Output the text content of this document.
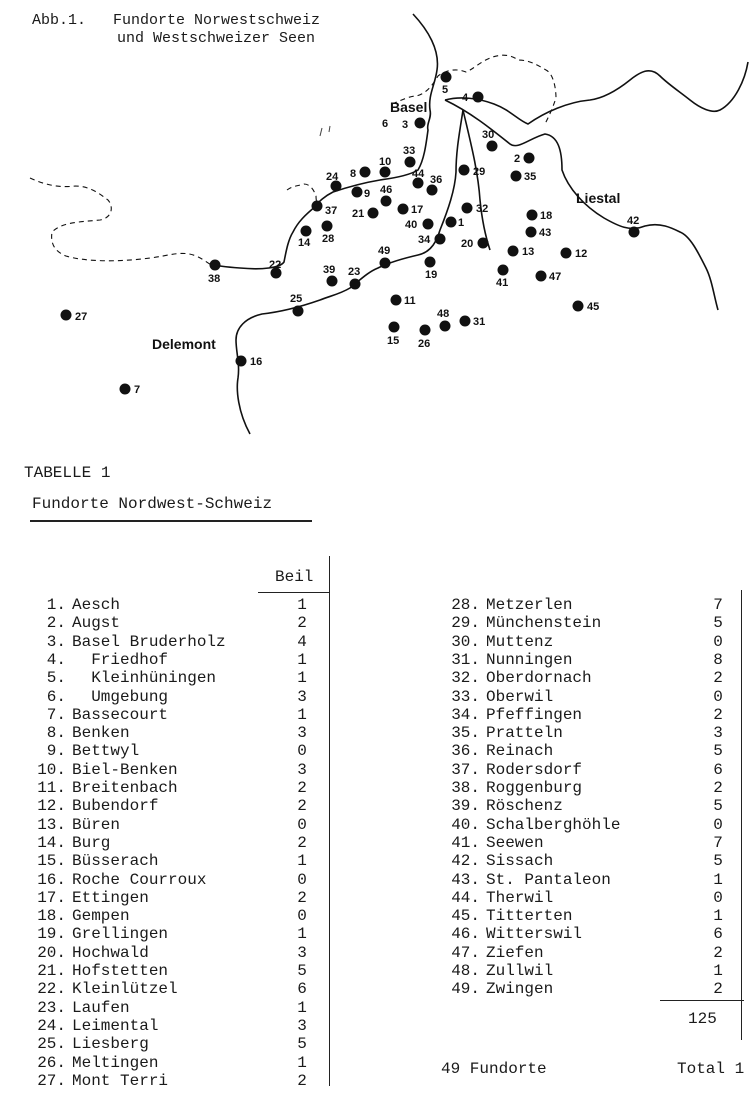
Basel
Liestal
Delemont
1
2
3
4
5
6
7
8
9
10
11
12
13
14
15
16
17	18
19
20
21
22
23
24
25
26
27
28
29
30
31
32
33
34
35
36
37
38
39
40
41
42
43
44
45
46
47
48
49

Abb.1.   Fundorte Norwestschweiz

und Westschweizer Seen

TABELLE 1
Fundorte Nordwest-Schweiz
Beil
1. Aesch	1
2. Augst	2
3. Basel Bruderholz	4
4. Friedhof	1
5. Kleinhüningen	1
6. Umgebung	3
7. Bassecourt	1
8. Benken	3
9. Bettwyl	0
10. Biel-Benken	3
11. Breitenbach	2
12. Bubendorf	2
13. Büren	0
14. Burg	2
15. Büsserach	1
16. Roche Courroux	0
17. Ettingen	2
18. Gempen	0
19. Grellingen	1
20. Hochwald	3
21. Hofstetten	5
22. Kleinlützel	6
23. Laufen	1
24. Leimental	3
25. Liesberg	5
26. Meltingen	1
27. Mont Terri	2
28. Metzerlen	7
29. Münchenstein	5
30. Muttenz	0
31. Nunningen	8
32. Oberdornach	2
33. Oberwil	0
34. Pfeffingen	2
35. Pratteln	3
36. Reinach	5
37. Rodersdorf	6
38. Roggenburg	2
39. Röschenz	5
40. Schalberghöhle	0
41. Seewen	7
42. Sissach	5
43. St. Pantaleon	1
44. Therwil	0
45. Titterten	1
46. Witterswil	6
47. Ziefen	2
48. Zullwil	1
49. Zwingen	2
125
49 Fundorte	Total 1
